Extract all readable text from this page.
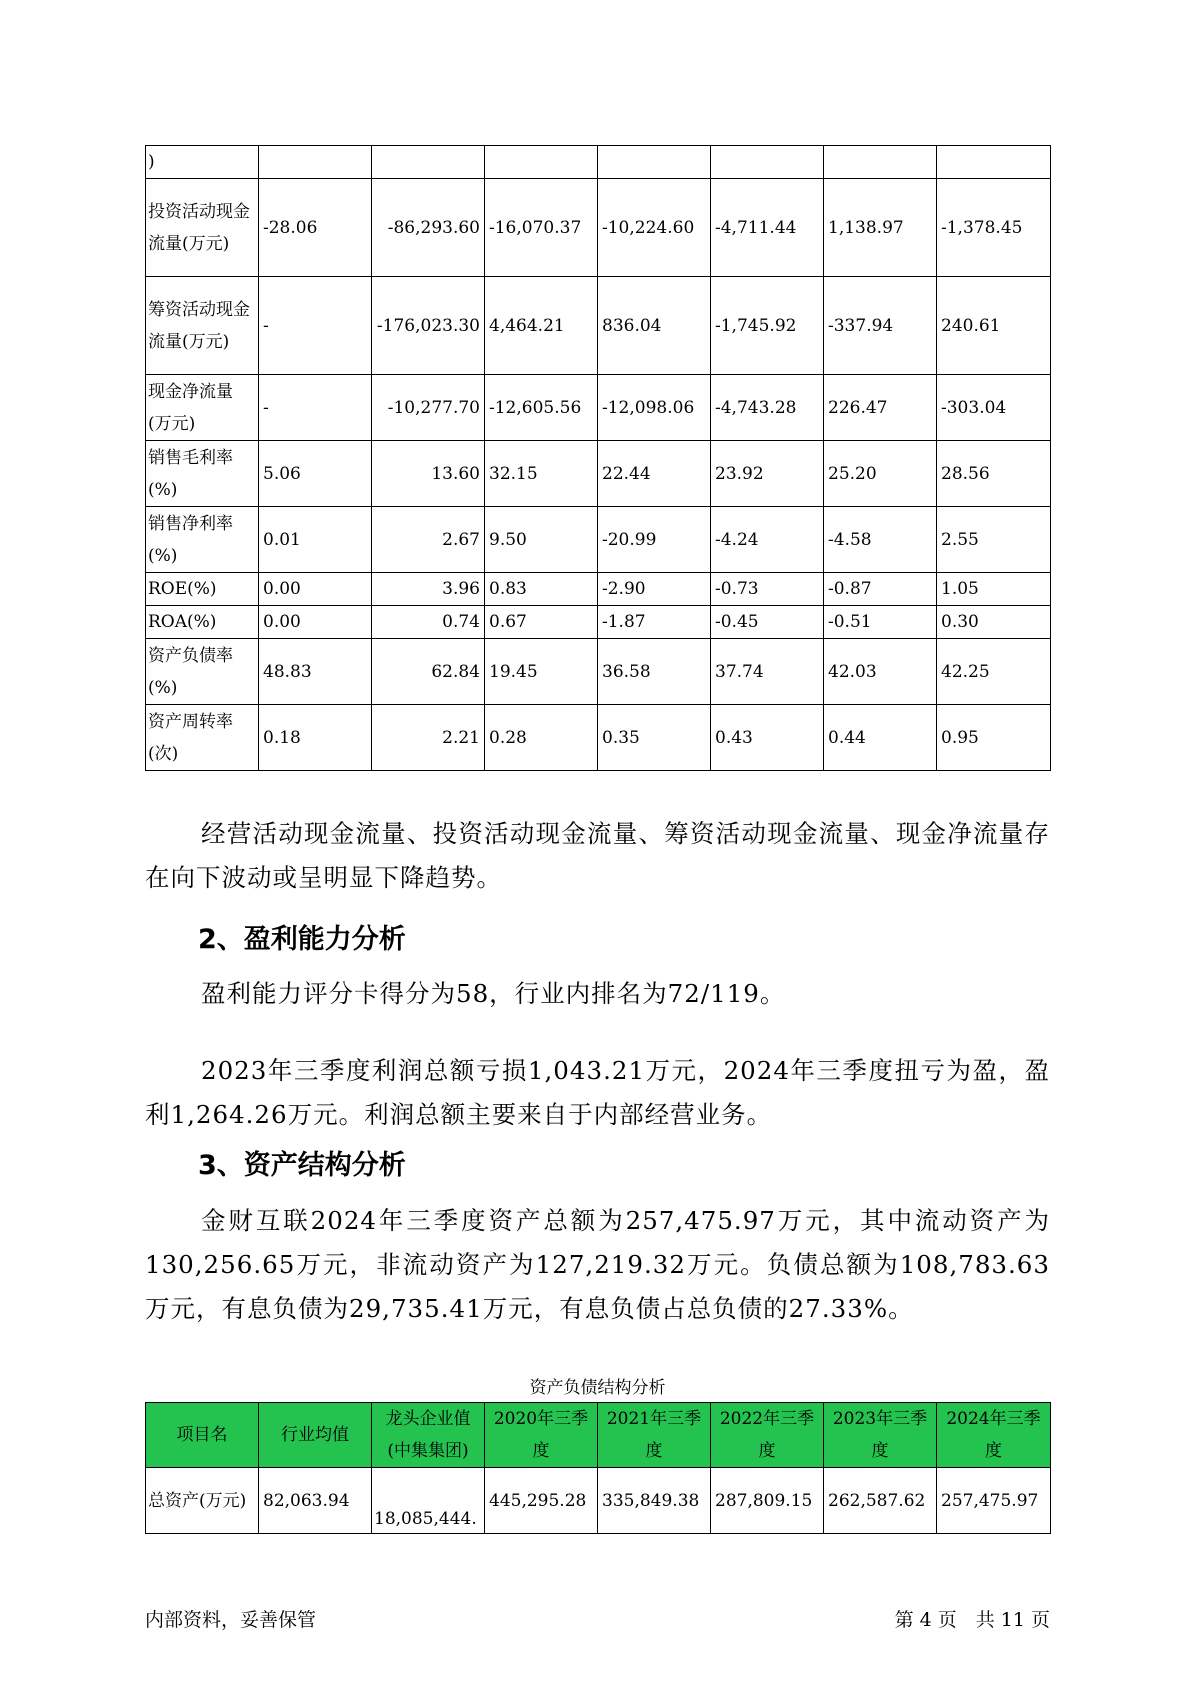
)							
投资活动现金流量(万元)	-28.06	-86,293.60	-16,070.37	-10,224.60	-4,711.44	1,138.97	-1,378.45
筹资活动现金流量(万元)	-	-176,023.30	4,464.21	836.04	-1,745.92	-337.94	240.61
现金净流量(万元)	-	-10,277.70	-12,605.56	-12,098.06	-4,743.28	226.47	-303.04
销售毛利率(%)	5.06	13.60	32.15	22.44	23.92	25.20	28.56
销售净利率(%)	0.01	2.67	9.50	-20.99	-4.24	-4.58	2.55
ROE(%)	0.00	3.96	0.83	-2.90	-0.73	-0.87	1.05
ROA(%)	0.00	0.74	0.67	-1.87	-0.45	-0.51	0.30
资产负债率(%)	48.83	62.84	19.45	36.58	37.74	42.03	42.25
资产周转率(次)	0.18	2.21	0.28	0.35	0.43	0.44	0.95
经营活动现金流量、投资活动现金流量、筹资活动现金流量、现金净流量存在向下波动或呈明显下降趋势。
2、盈利能力分析
盈利能力评分卡得分为58，行业内排名为72/119。
2023年三季度利润总额亏损1,043.21万元，2024年三季度扭亏为盈，盈利1,264.26万元。利润总额主要来自于内部经营业务。
3、资产结构分析
金财互联2024年三季度资产总额为257,475.97万元，其中流动资产为130,256.65万元，非流动资产为127,219.32万元。负债总额为108,783.63万元，有息负债为29,735.41万元，有息负债占总负债的27.33%。
资产负债结构分析
项目名	行业均值	龙头企业值(中集集团)	2020年三季度	2021年三季度	2022年三季度	2023年三季度	2024年三季度
总资产(万元)	82,063.94	18,085,444.	445,295.28	335,849.38	287,809.15	262,587.62	257,475.97
内部资料，妥善保管	第 4 页　共 11 页
